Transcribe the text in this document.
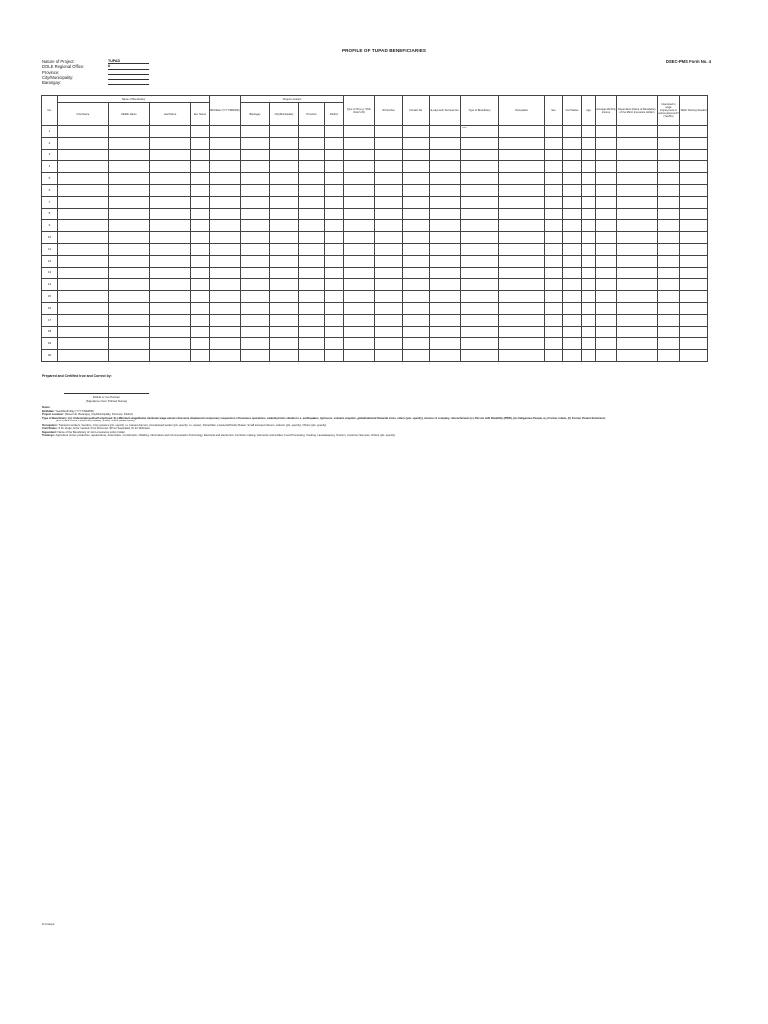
PROFILE OF TUPAD BENEFICIARIES
DSEC-PMS Form No. 4
Nature of Project:	TUPAD
DOLE Regional Office:	8
Province:
City/Municipality:
Barangay:
No.	Name of Beneficiary				Birthdate (YYYY/MM/DD)	Project Location				Type of ID (e.g. SSS, Voter's ID)	ID Number	Contact No.	E-payment/ Services No.	Type of Beneficiary	Occupation	Sex	Civil Status	Age	Average Monthly Income	Dependent (Name of Beneficiary of the Micro Insurance Holder)	Interested in wage employment or self-employment? (Yes/No)	Skills Training Needed
	First Name	Middle Name	Last Name	Ext. Name		Barangay	City/Municipality	Province	District													
1												if not available		Excess occupations on the lower column of this format	if not available				if not available	if not available	if not available	if not available
2																						
3																						
4																						
5																						
6																						
7																						
8																						
9																						
10																						
11																						
12																						
13																						
14																						
15																						
16																						
17																						
18																						
19																						
20																						
Prepared and Certified true and Correct by:
DOLE or Co-Partner
(Signature Over Printed Name)
Notes:
Birthdate: Year/Month/Day (YYYY/MM/DD)
Project Location: (Street No. Barangay, City/Municipality, Province, District)
Type of Beneficiary: (a.) Underemployed/self employed; (b.) Minimum wage/below minimum wage earners that were displaced to temporary suspension of business operations, calamity/crisis situation i.e. earthquakes, typhoons, volcanic eruption, global/national financial crisis, others (pls. specify), closure of company, retrenchments (c.) Person with Disability (PWD), (d.) Indigenous People, (e.) Former rebels, (f.) Former Violent Extremists
(and in place of work, Persons with Disability (PWDs), Others (please specify)
Occupation: Transport workers, Vendors, Crop growers (pls. specify, i.e. banana farmer), Homebased worker (pls. specify, i.e. sewer), Fisherfolks, Livestock/Poultry Raiser, Small transport drivers, Laborer (pls. specify), Others (pls. specify)
Civil Status: S for single, M for married, D for Divorced, SP for Separated, W for Widowed
Dependent: Name of the Beneficiary of micro-insurance policy holder
Trainings: Agriculture (crops production, aquaculture), Automotive, Construction, Welding, Information and Communication Technology, Electrical and electronics, Furniture making, Garments and textiles, Food Processing, Cooking, Housekeeping, Tourism, Customer Services, Others (pls. specify)
# Groups
